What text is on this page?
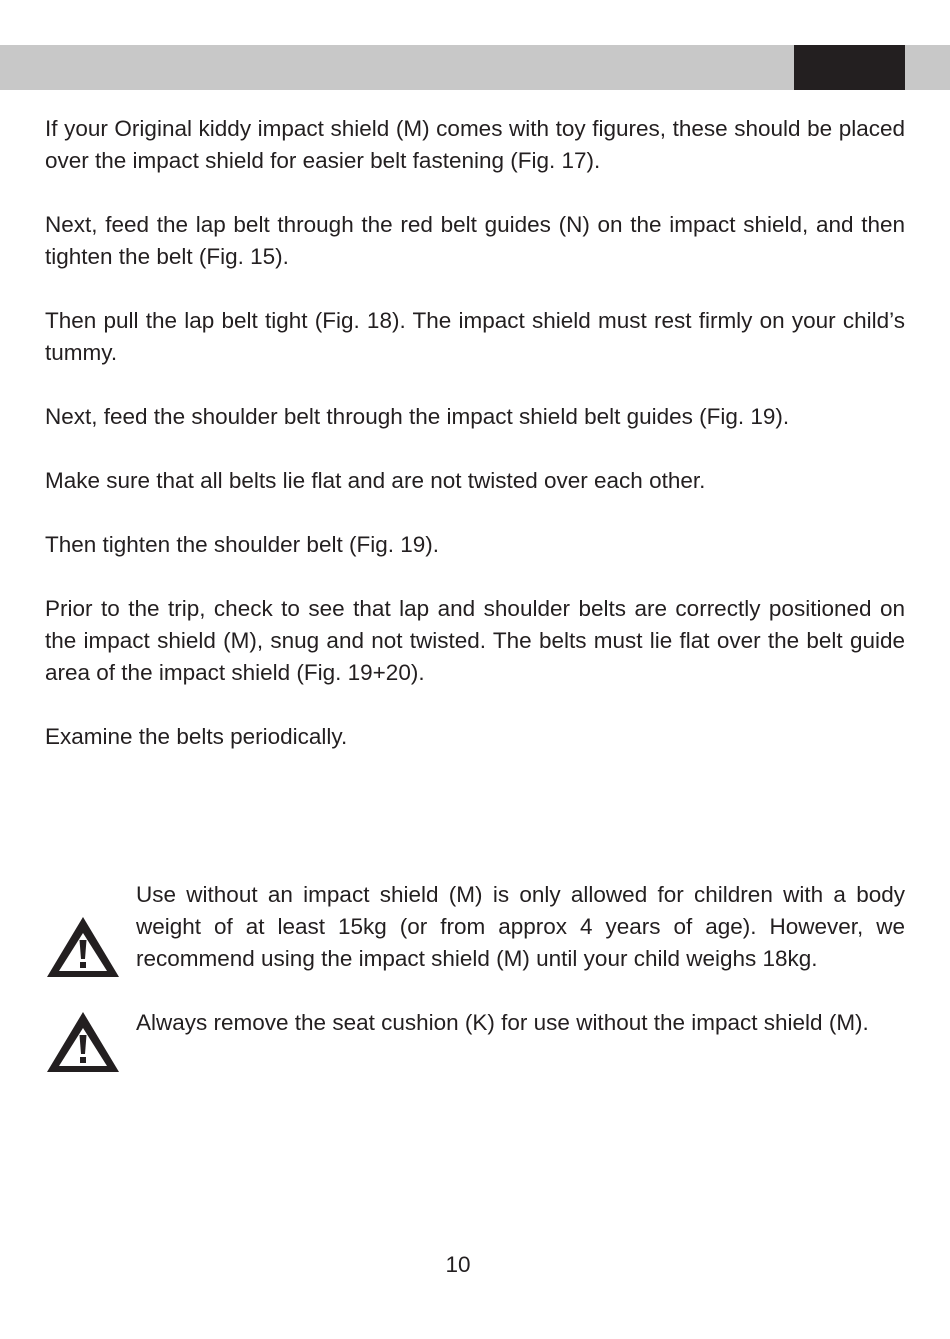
If your Original kiddy impact shield (M) comes with toy figures, these should be placed over the impact shield for easier belt fastening (Fig. 17).

Next, feed the lap belt through the red belt guides (N) on the impact shield, and then tighten the belt (Fig. 15).

Then pull the lap belt tight (Fig. 18). The impact shield must rest firmly on your child’s tummy.

Next, feed the shoulder belt through the impact shield belt guides (Fig. 19).

Make sure that all belts lie flat and are not twisted over each other.

Then tighten the shoulder belt (Fig. 19).

Prior to the trip, check to see that lap and shoulder belts are correctly positioned on the impact shield (M), snug and not twisted. The belts must lie flat over the belt guide area of the impact shield (Fig. 19+20).

Examine the belts periodically.

Use without an impact shield (M) is only allowed for children with a body weight of at least 15kg (or from approx 4 years of age). However, we recommend using the impact shield (M) until your child weighs 18kg.

Always remove the seat cushion (K) for use without the impact shield (M).

10
